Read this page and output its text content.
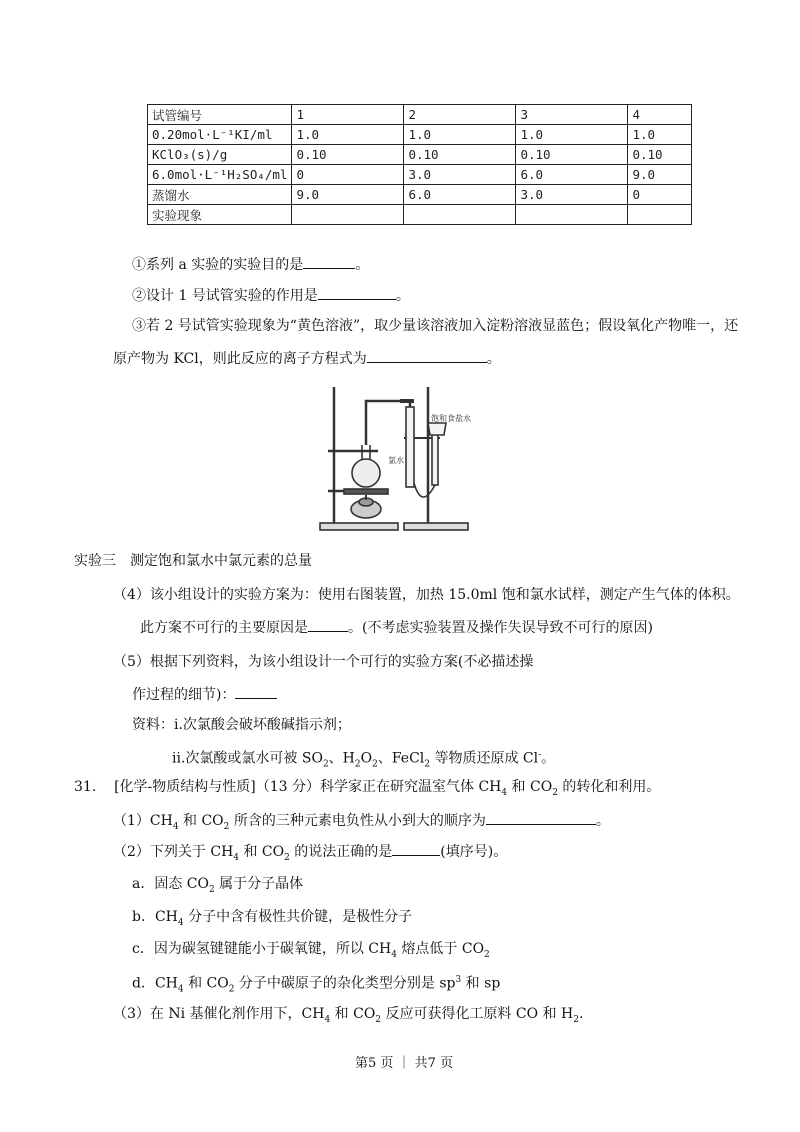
试管编号	1	2	3	4
0.20mol·L⁻¹KI/ml	1.0	1.0	1.0	1.0
KClO₃(s)/g	0.10	0.10	0.10	0.10
6.0mol·L⁻¹H₂SO₄/ml	0	3.0	6.0	9.0
蒸馏水	9.0	6.0	3.0	0
实验现象				
①系列 a 实验的实验目的是	。
②设计 1 号试管实验的作用是	。
③若 2 号试管实验现象为“黄色溶液”，取少量该溶液加入淀粉溶液显蓝色；假设氧化产物唯一，还
原产物为 KCl，则此反应的离子方程式为	。
氯水
饱和食盐水
实验三　测定饱和氯水中氯元素的总量
（4）该小组设计的实验方案为：使用右图装置，加热 15.0ml 饱和氯水试样，测定产生气体的体积。
此方案不可行的主要原因是	。(不考虑实验装置及操作失误导致不可行的原因)
（5）根据下列资料，为该小组设计一个可行的实验方案(不必描述操
作过程的细节)：
资料：i.次氯酸会破坏酸碱指示剂；
ii.次氯酸或氯水可被 $SO_2$、$H_2O_2$、FeCl$_2$ 等物质还原成 Cl-。
31. [化学-物质结构与性质]（13 分）科学家正在研究温室气体 $CH_4$ 和 $CO_2$ 的转化和利用。
$(1)CH_4$ 和 $CO_2$ 所含的三种元素电负性从小到大的顺序为	。
（2）下列关于 $CH_4$ 和 $CO_2$ 的说法正确的是	(填序号)。
a．固态 $CO_2$ 属于分子晶体
b．$CH_4$ 分子中含有极性共价键，是极性分子
c．因为碳氢键键能小于碳氧键，所以 $CH_4$ 熔点低于 $CO_2$
d．$CH_4$ 和 $CO_2$ 分子中碳原子的杂化类型分别是 $sp^3$ 和 sp
（3）在 Ni 基催化剂作用下，$CH_4$ 和 $CO_2$ 反应可获得化工原料 CO 和 $H_2$.
第5 页 ｜ 共7 页
